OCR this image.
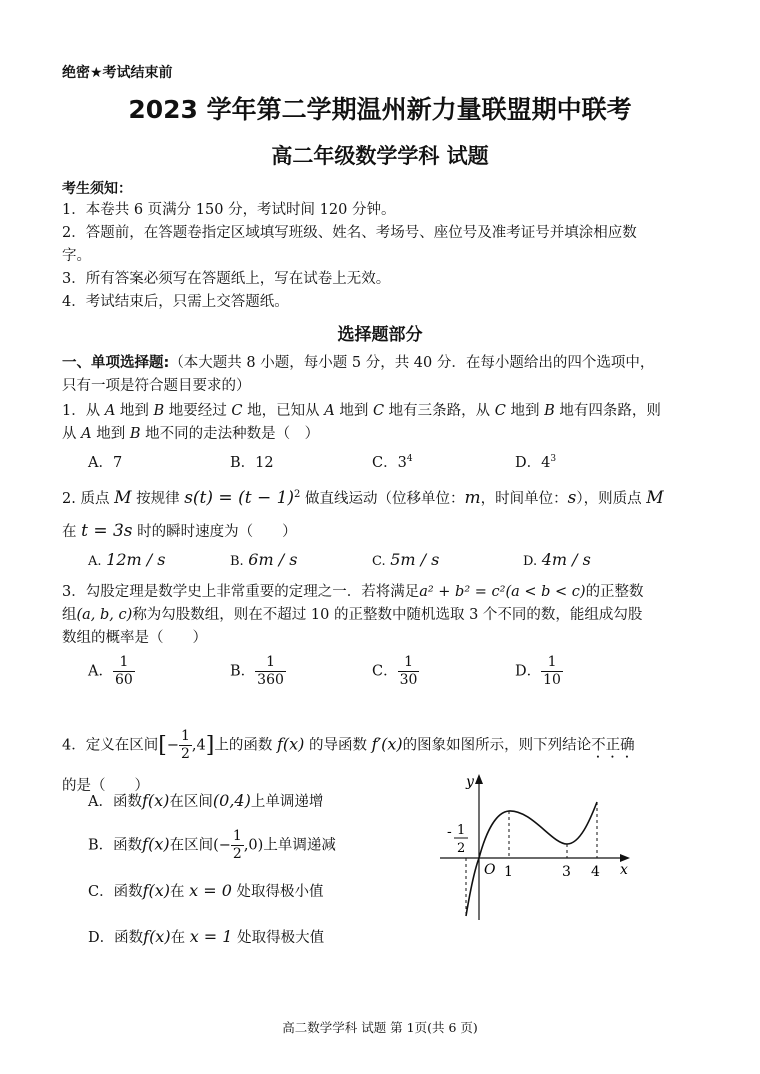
绝密★考试结束前
2023 学年第二学期温州新力量联盟期中联考
高二年级数学学科 试题
考生须知：
1．本卷共 6 页满分 150 分，考试时间 120 分钟。
2．答题前，在答题卷指定区域填写班级、姓名、考场号、座位号及准考证号并填涂相应数
字。
3．所有答案必须写在答题纸上，写在试卷上无效。
4．考试结束后，只需上交答题纸。
选择题部分
一、单项选择题:（本大题共 8 小题，每小题 5 分，共 40 分．在每小题给出的四个选项中，
只有一项是符合题目要求的）
1．从 A 地到 B 地要经过 C 地，已知从 A 地到 C 地有三条路，从 C 地到 B 地有四条路，则
从 A 地到 B 地不同的走法种数是（　）
A．7	B．12	C．$3^4$	D．$4^3$
2. 质点 M 按规律 $s(t) = (t - 1)^2$ 做直线运动（位移单位：m，时间单位：s），则质点 M
在 t = 3s 时的瞬时速度为（　　）
A. 12m / s	B. 6m / s	C. 5m / s	D. 4m / s
3．勾股定理是数学史上非常重要的定理之一．若将满足a² + b² = c²(a < b < c)的正整数
组(a, b, c)称为勾股数组，则在不超过 10 的正整数中随机选取 3 个不同的数，能组成勾股
数组的概率是（　　）
A． $\frac{1}{60}$	B． $\frac{1}{360}$	C． $\frac{1}{30}$	D． $\frac{1}{10}$
4．定义在区间[− $\frac{1}{2} ,4$]上的函数 f(x) 的导函数 f′(x)的图象如图所示，则下列结论不正确
的是（　　）
A．函数f(x)在区间(0,4)上单调递增
B．函数f(x)在区间(− $\frac{1}{2} ,0$)上单调递减
C．函数f(x)在 x = 0 处取得极小值
D．函数f(x)在 x = 1 处取得极大值
y
x
O 1	3 4
- 1
2
高二数学学科 试题 第 1页(共 6 页)
